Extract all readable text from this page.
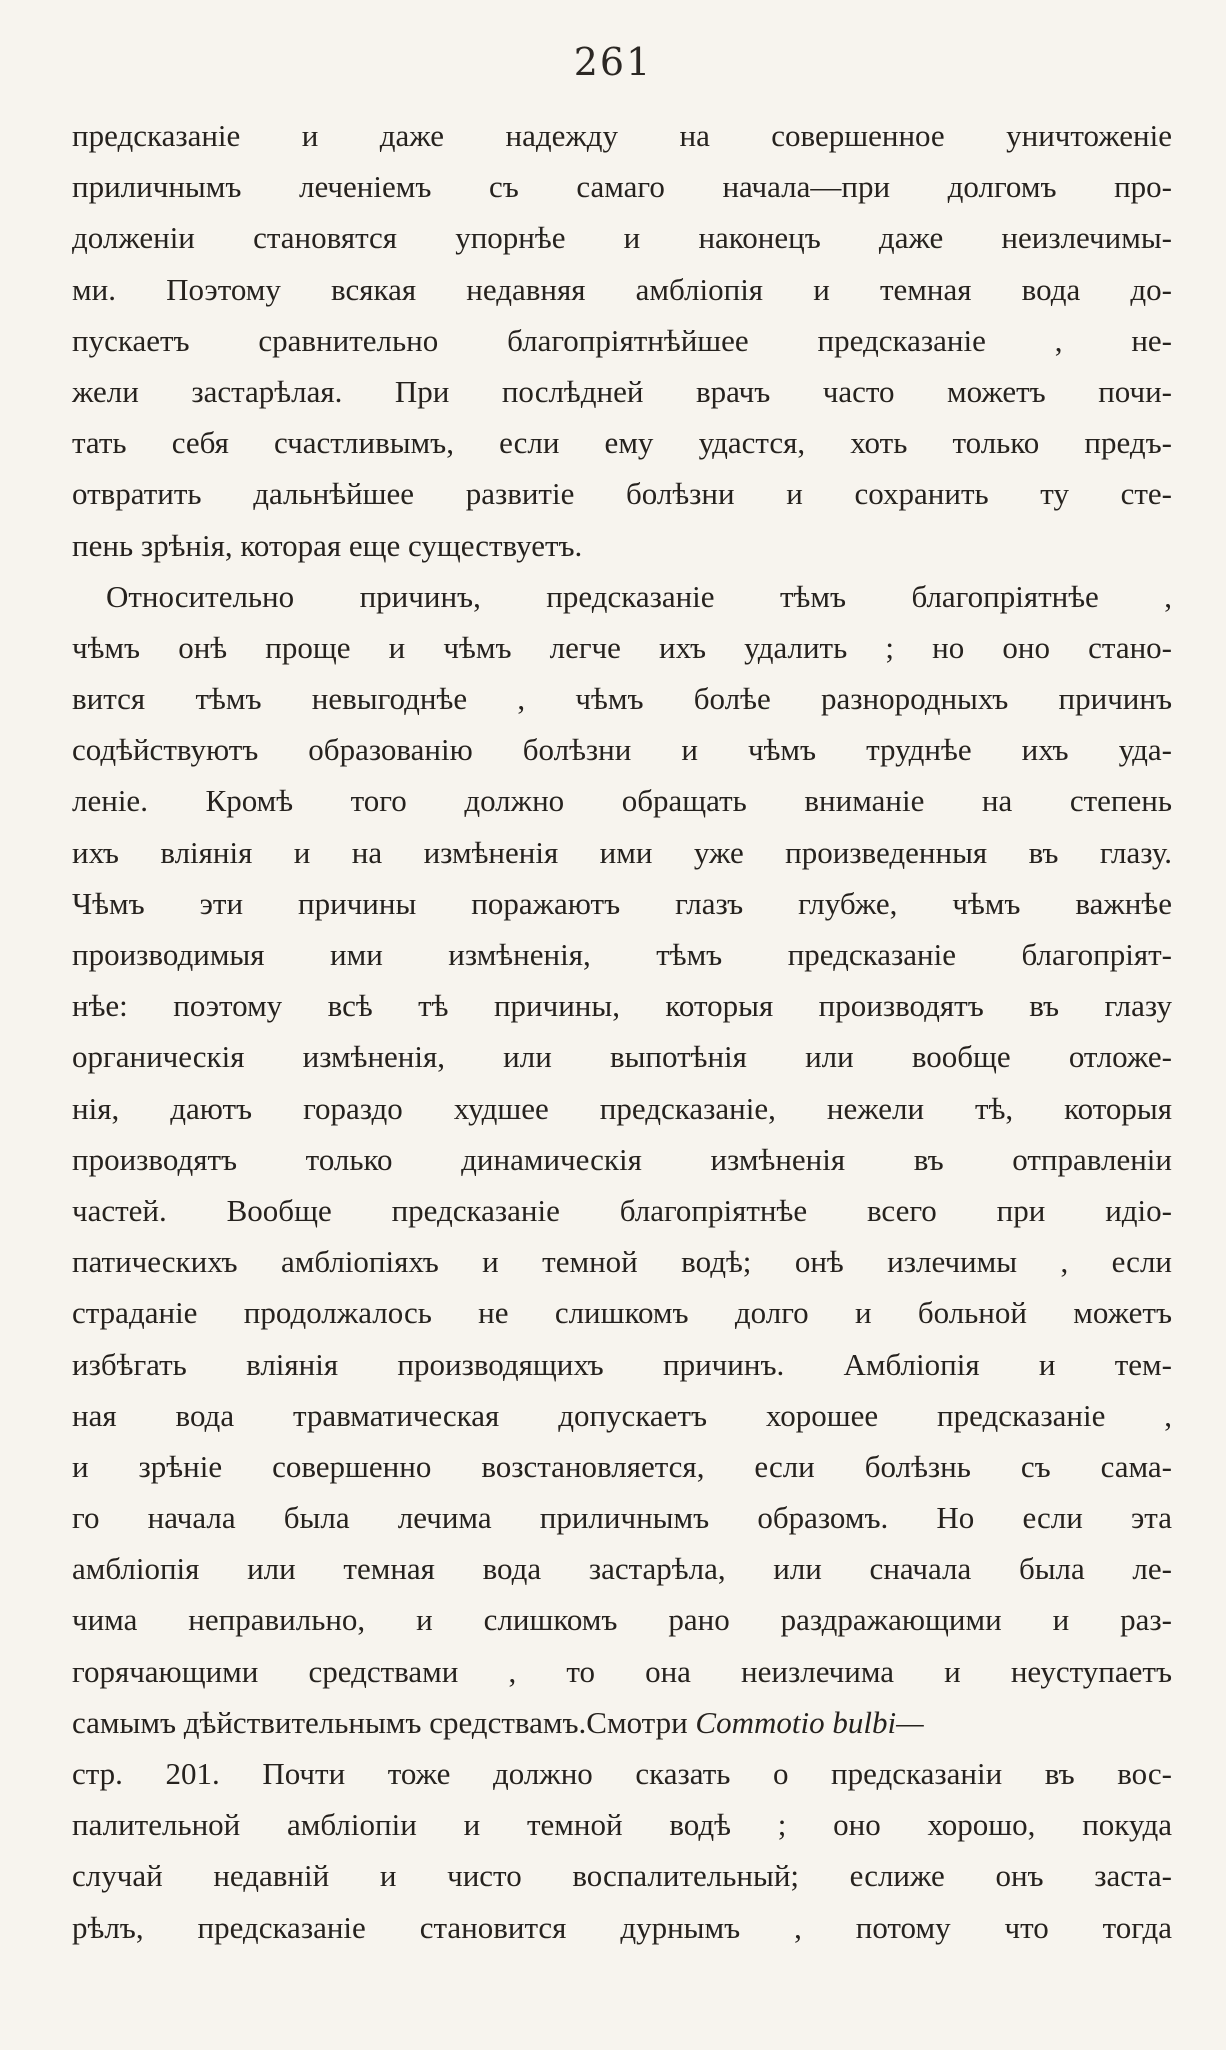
261
предсказаніе и даже надежду на совершенное уничтоженіе
приличнымъ леченіемъ съ самаго начала—при долгомъ про-
долженіи становятся упорнѣе и наконецъ даже неизлечимы-
ми. Поэтому всякая недавняя амбліопія и темная вода до-
пускаетъ сравнительно благопріятнѣйшее предсказаніе , не-
жели застарѣлая. При послѣдней врачъ часто можетъ почи-
тать себя счастливымъ, если ему удастся, хоть только предъ-
отвратить дальнѣйшее развитіе болѣзни и сохранить ту сте-
пень зрѣнія, которая еще существуетъ.
Относительно причинъ, предсказаніе тѣмъ благопріятнѣе ,
чѣмъ онѣ проще и чѣмъ легче ихъ удалить ; но оно стано-
вится тѣмъ невыгоднѣе , чѣмъ болѣе разнородныхъ причинъ
содѣйствуютъ образованію болѣзни и чѣмъ труднѣе ихъ уда-
леніе. Кромѣ того должно обращать вниманіе на степень
ихъ вліянія и на измѣненія ими уже произведенныя въ глазу.
Чѣмъ эти причины поражаютъ глазъ глубже, чѣмъ важнѣе
производимыя ими измѣненія, тѣмъ предсказаніе благопріят-
нѣе: поэтому всѣ тѣ причины, которыя производятъ въ глазу
органическія измѣненія, или выпотѣнія или вообще отложе-
нія, даютъ гораздо худшее предсказаніе, нежели тѣ, которыя
производятъ только динамическія измѣненія въ отправленіи
частей. Вообще предсказаніе благопріятнѣе всего при идіо-
патическихъ амбліопіяхъ и темной водѣ; онѣ излечимы , если
страданіе продолжалось не слишкомъ долго и больной можетъ
избѣгать вліянія производящихъ причинъ. Амбліопія и тем-
ная вода травматическая допускаетъ хорошее предсказаніе ,
и зрѣніе совершенно возстановляется, если болѣзнь съ сама-
го начала была лечима приличнымъ образомъ. Но если эта
амбліопія или темная вода застарѣла, или сначала была ле-
чима неправильно, и слишкомъ рано раздражающими и раз-
горячающими средствами , то она неизлечима и неуступаетъ
самымъ дѣйствительнымъ средствамъ.Смотри Commotio bulbi—
стр. 201. Почти тоже должно сказать о предсказаніи въ вос-
палительной амбліопіи и темной водѣ ; оно хорошо, покуда
случай недавній и чисто воспалительный; еслиже онъ заста-
рѣлъ, предсказаніе становится дурнымъ , потому что тогда
